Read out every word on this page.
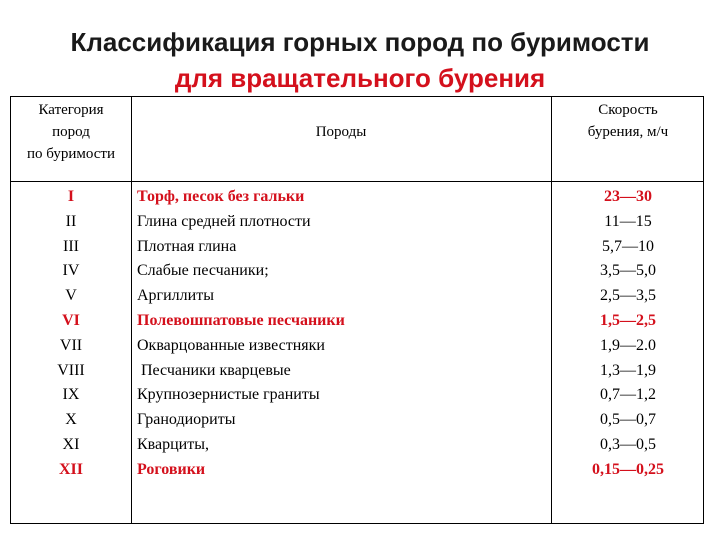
Классификация горных пород по буримости
для вращательного бурения
Категория
пород
по буримости
Породы
Скорость
бурения, м/ч
I
II
III
IV
V
VI
VII
VIII
IX
X
XI
XII
Торф, песок без гальки
Глина средней плотности
Плотная глина
Слабые песчаники;
Аргиллиты
Полевошпатовые песчаники
Окварцованные известняки
Песчаники кварцевые
Крупнозернистые граниты
Гранодиориты
Кварциты,
Роговики
23—30
11—15
5,7—10
3,5—5,0
2,5—3,5
1,5—2,5
1,9—2.0
1,3—1,9
0,7—1,2
0,5—0,7
0,3—0,5
0,15—0,25
